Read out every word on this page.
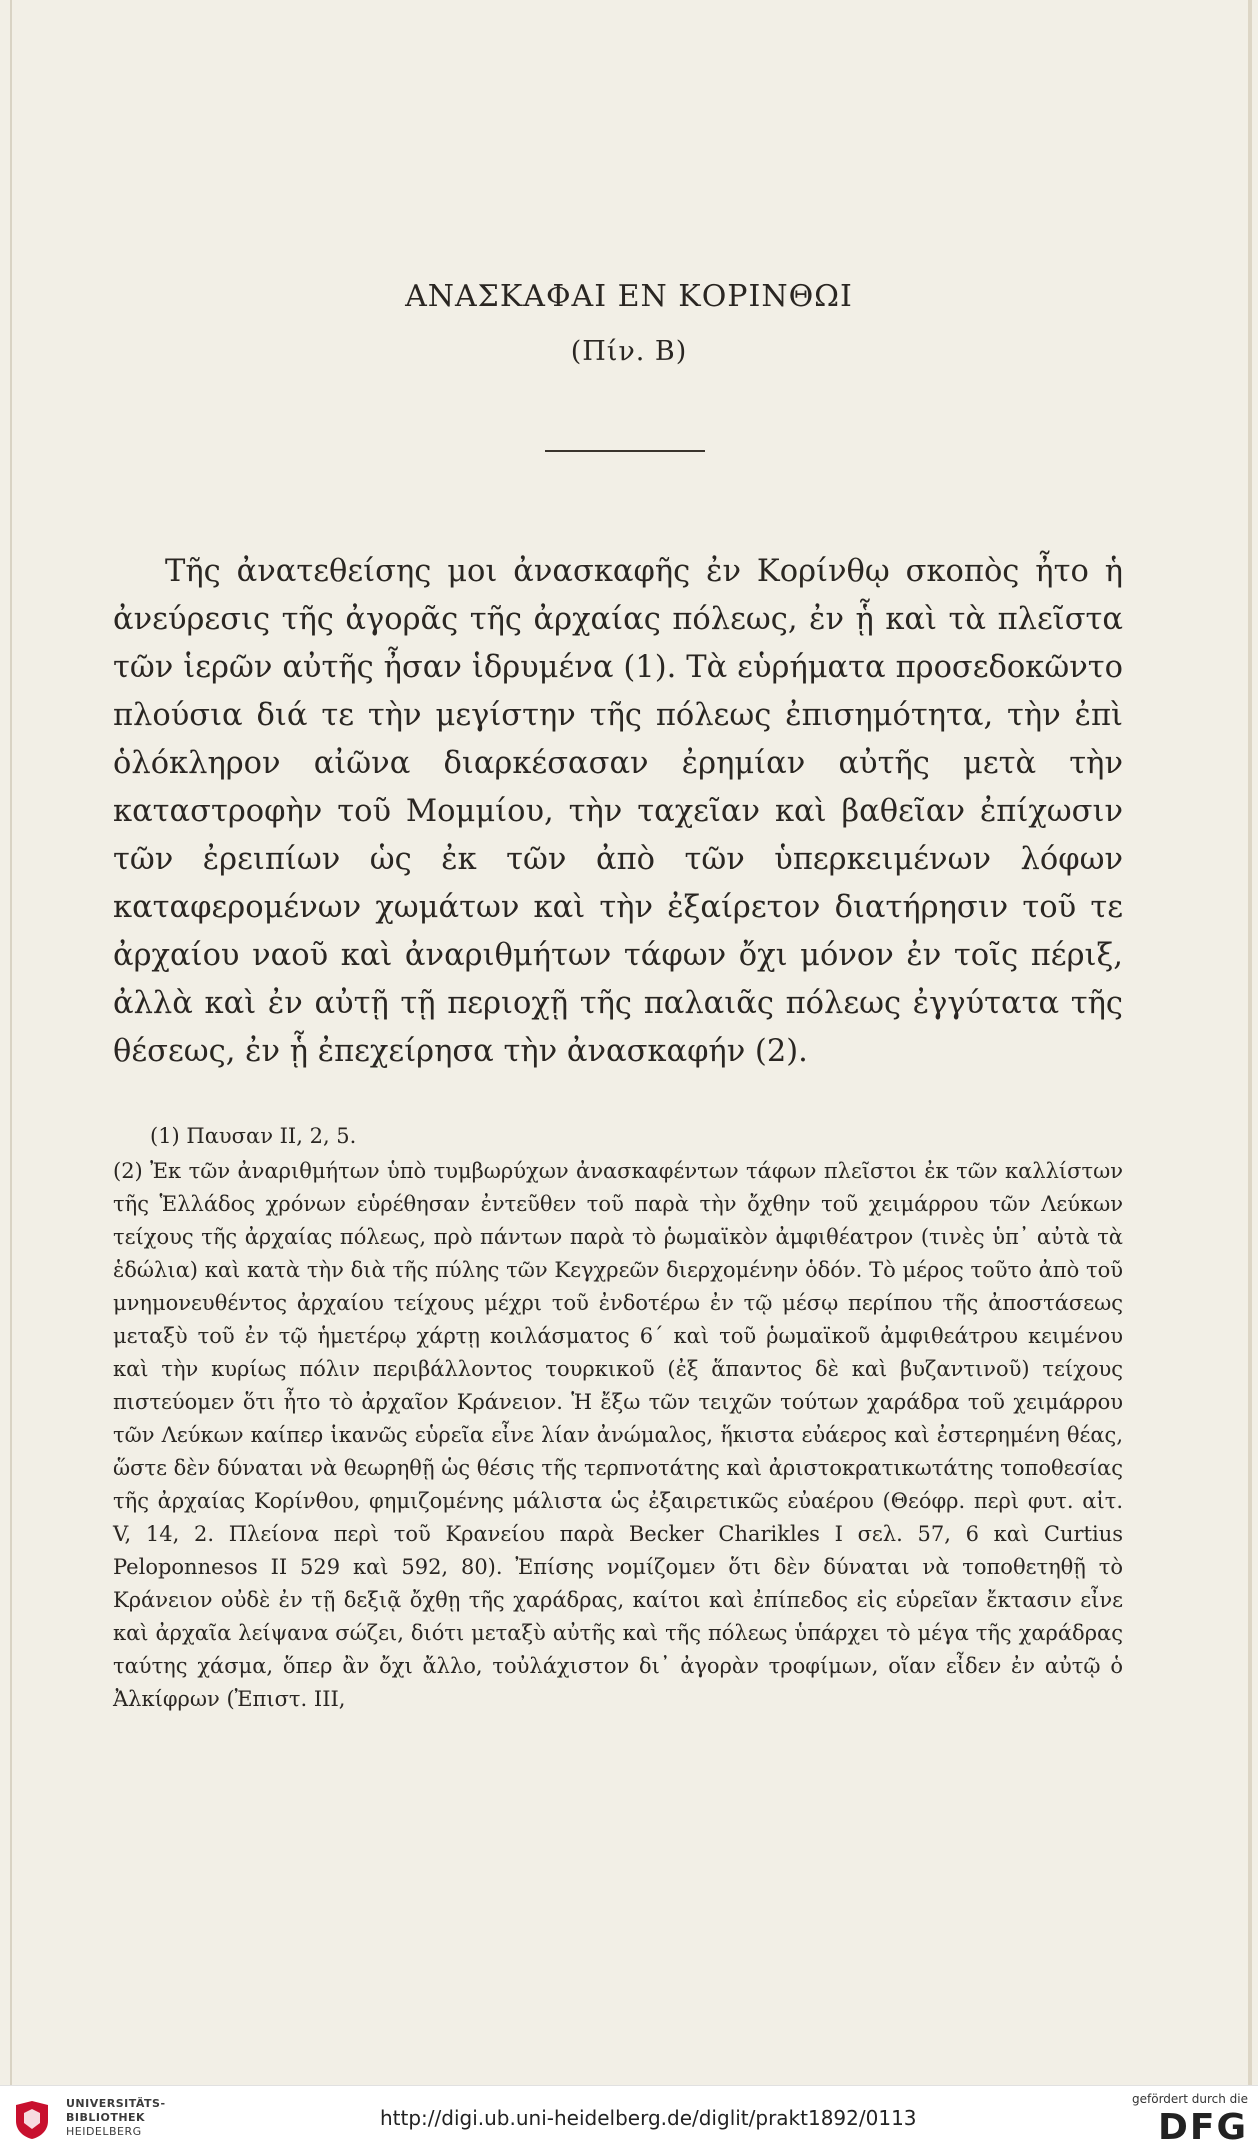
ΑΝΑΣΚΑΦΑΙ ΕΝ ΚΟΡΙΝΘΩΙ
(Πίν. Β)

Τῆς ἀνατεθείσης μοι ἀνασκαφῆς ἐν Κορίνθῳ σκοπὸς ἦτο ἡ ἀνεύρεσις τῆς ἀγορᾶς τῆς ἀρχαίας πόλεως, ἐν ᾗ καὶ τὰ πλεῖστα τῶν ἱερῶν αὐτῆς ἦσαν ἱδρυμένα (1). Τὰ εὑρήματα προσεδοκῶντο πλούσια διά τε τὴν μεγίστην τῆς πόλεως ἐπισημότητα, τὴν ἐπὶ ὁλόκληρον αἰῶνα διαρκέσασαν ἐρημίαν αὐτῆς μετὰ τὴν καταστροφὴν τοῦ Μομμίου, τὴν ταχεῖαν καὶ βαθεῖαν ἐπίχωσιν τῶν ἐρειπίων ὡς ἐκ τῶν ἀπὸ τῶν ὑπερκειμένων λόφων καταφερομένων χωμάτων καὶ τὴν ἐξαίρετον διατήρησιν τοῦ τε ἀρχαίου ναοῦ καὶ ἀναριθμήτων τάφων ὄχι μόνον ἐν τοῖς πέριξ, ἀλλὰ καὶ ἐν αὐτῇ τῇ περιοχῇ τῆς παλαιᾶς πόλεως ἐγγύτατα τῆς θέσεως, ἐν ᾗ ἐπεχείρησα τὴν ἀνασκαφήν (2).

(1) Παυσαν ΙΙ, 2, 5.

(2) Ἐκ τῶν ἀναριθμήτων ὑπὸ τυμβωρύχων ἀνασκαφέντων τάφων πλεῖστοι ἐκ τῶν καλλίστων τῆς Ἑλλάδος χρόνων εὑρέθησαν ἐντεῦθεν τοῦ παρὰ τὴν ὄχθην τοῦ χειμάρρου τῶν Λεύκων τείχους τῆς ἀρχαίας πόλεως, πρὸ πάντων παρὰ τὸ ῥωμαϊκὸν ἀμφιθέατρον (τινὲς ὑπ᾽ αὐτὰ τὰ ἑδώλια) καὶ κατὰ τὴν διὰ τῆς πύλης τῶν Κεγχρεῶν διερχομένην ὁδόν. Τὸ μέρος τοῦτο ἀπὸ τοῦ μνημονευθέντος ἀρχαίου τείχους μέχρι τοῦ ἐνδοτέρω ἐν τῷ μέσῳ περίπου τῆς ἀποστάσεως μεταξὺ τοῦ ἐν τῷ ἡμετέρῳ χάρτῃ κοιλάσματος 6΄ καὶ τοῦ ῥωμαϊκοῦ ἀμφιθεάτρου κειμένου καὶ τὴν κυρίως πόλιν περιβάλλοντος τουρκικοῦ (ἐξ ἅπαντος δὲ καὶ βυζαντινοῦ) τείχους πιστεύομεν ὅτι ἦτο τὸ ἀρχαῖον Κράνειον. Ἡ ἔξω τῶν τειχῶν τούτων χαράδρα τοῦ χειμάρρου τῶν Λεύκων καίπερ ἱκανῶς εὑρεῖα εἶνε λίαν ἀνώμαλος, ἥκιστα εὐάερος καὶ ἐστερημένη θέας, ὥστε δὲν δύναται νὰ θεωρηθῇ ὡς θέσις τῆς τερπνοτάτης καὶ ἀριστοκρατικωτάτης τοποθεσίας τῆς ἀρχαίας Κορίνθου, φημιζομένης μάλιστα ὡς ἐξαιρετικῶς εὐαέρου (Θεόφρ. περὶ φυτ. αἰτ. V, 14, 2. Πλείονα περὶ τοῦ Κρανείου παρὰ Becker Charikles I σελ. 57, 6 καὶ Curtius Peloponnesos II 529 καὶ 592, 80). Ἐπίσης νομίζομεν ὅτι δὲν δύναται νὰ τοποθετηθῇ τὸ Κράνειον οὐδὲ ἐν τῇ δεξιᾷ ὄχθῃ τῆς χαράδρας, καίτοι καὶ ἐπίπεδος εἰς εὑρεῖαν ἔκτασιν εἶνε καὶ ἀρχαῖα λείψανα σώζει, διότι μεταξὺ αὐτῆς καὶ τῆς πόλεως ὑπάρχει τὸ μέγα τῆς χαράδρας ταύτης χάσμα, ὅπερ ἂν ὄχι ἄλλο, τοὐλάχιστον δι᾽ ἀγορὰν τροφίμων, οἵαν εἶδεν ἐν αὐτῷ ὁ Ἀλκίφρων (Ἐπιστ. ΙΙΙ,

UNIVERSITÄTS-
BIBLIOTHEK
HEIDELBERG
http://digi.ub.uni-heidelberg.de/diglit/prakt1892/0113
gefördert durch die
DFG
